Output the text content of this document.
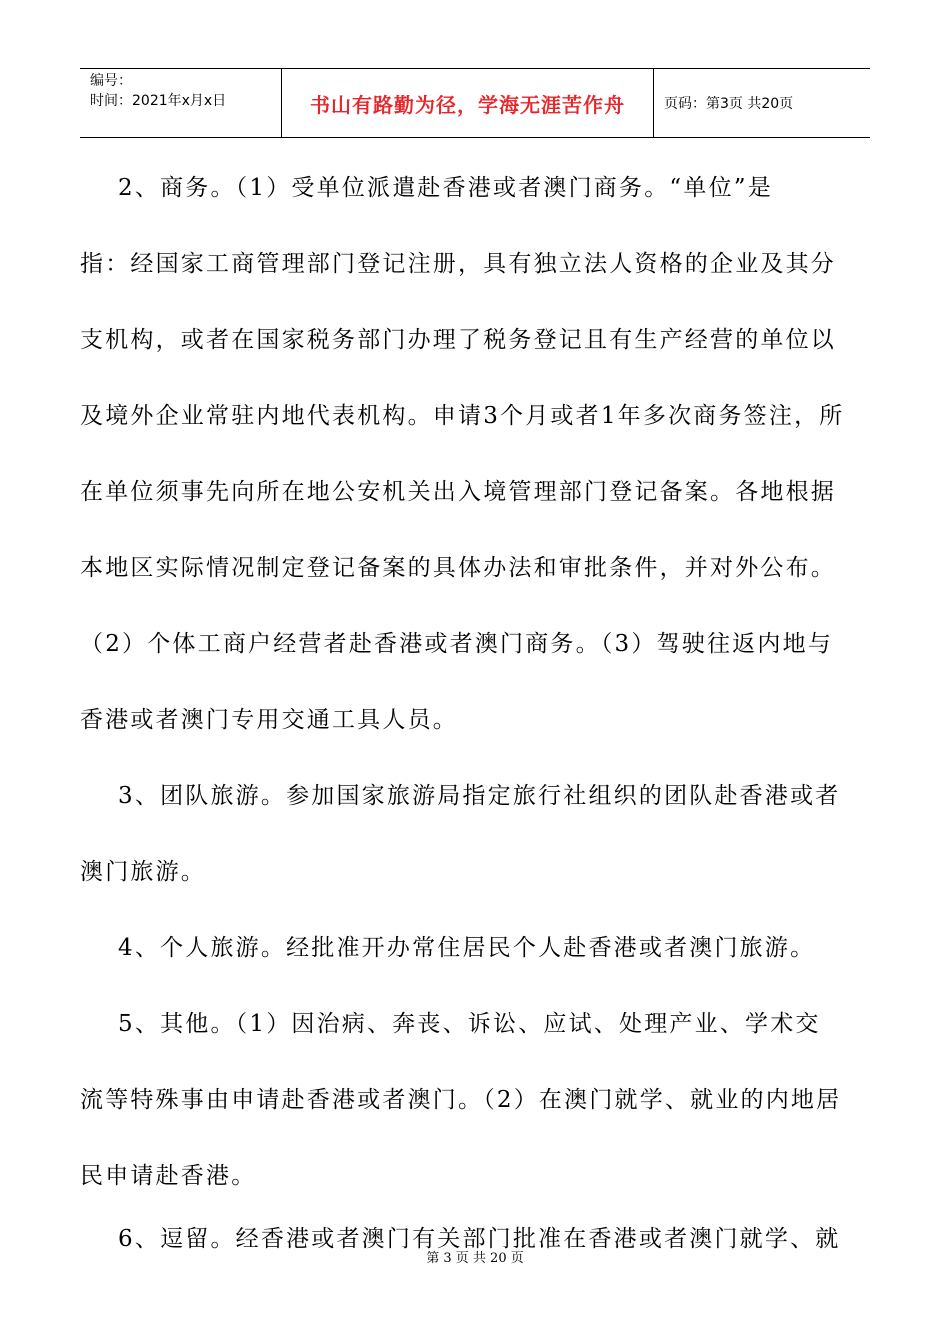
编号：
时间：2021年x月x日	书山有路勤为径，学海无涯苦作舟	页码：第3页 共20页
2、商务。（1）受单位派遣赴香港或者澳门商务。“单位”是
指：经国家工商管理部门登记注册，具有独立法人资格的企业及其分
支机构，或者在国家税务部门办理了税务登记且有生产经营的单位以
及境外企业常驻内地代表机构。申请3个月或者1年多次商务签注，所
在单位须事先向所在地公安机关出入境管理部门登记备案。各地根据
本地区实际情况制定登记备案的具体办法和审批条件，并对外公布。
（2）个体工商户经营者赴香港或者澳门商务。（3）驾驶往返内地与
香港或者澳门专用交通工具人员。
3、团队旅游。参加国家旅游局指定旅行社组织的团队赴香港或者
澳门旅游。
4、个人旅游。经批准开办常住居民个人赴香港或者澳门旅游。
5、其他。（1）因治病、奔丧、诉讼、应试、处理产业、学术交
流等特殊事由申请赴香港或者澳门。（2）在澳门就学、就业的内地居
民申请赴香港。
6、逗留。经香港或者澳门有关部门批准在香港或者澳门就学、就
第 3 页 共 20 页
